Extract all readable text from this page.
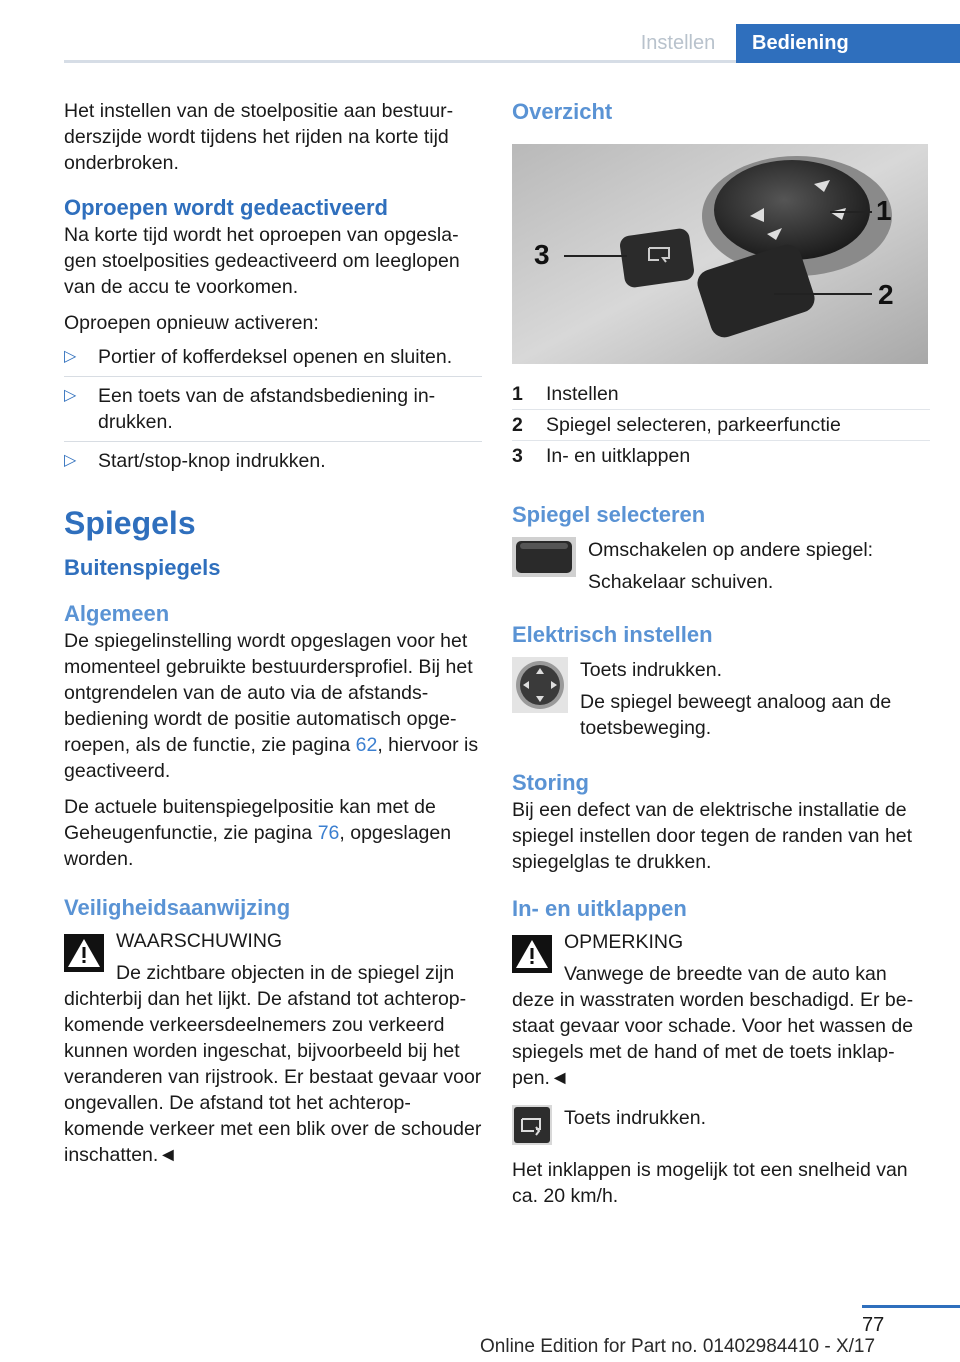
Instellen	Bediening

Het instellen van de stoelpositie aan bestuurderszijde wordt tijdens het rijden na korte tijd onderbroken.

Oproepen wordt gedeactiveerd

Na korte tijd wordt het oproepen van opgeslagen stoelposities gedeactiveerd om leeglopen van de accu te voorkomen.

Oproepen opnieuw activeren:

▷ Portier of kofferdeksel openen en sluiten.
▷ Een toets van de afstandsbediening indrukken.
▷ Start/stop-knop indrukken.
Spiegels
Buitenspiegels
Algemeen

De spiegelinstelling wordt opgeslagen voor het momenteel gebruikte bestuurdersprofiel. Bij het ontgrendelen van de auto via de afstandsbediening wordt de positie automatisch opgeroepen, als de functie, zie pagina 62, hiervoor is geactiveerd.

De actuele buitenspiegelpositie kan met de Geheugenfunctie, zie pagina 76, opgeslagen worden.

Veiligheidsaanwijzing

WAARSCHUWING

De zichtbare objecten in de spiegel zijn dichterbij dan het lijkt. De afstand tot achteropkomende verkeersdeelnemers zou verkeerd kunnen worden ingeschat, bijvoorbeeld bij het veranderen van rijstrook. Er bestaat gevaar voor ongevallen. De afstand tot het achteropkomende verkeer met een blik over de schouder inschatten.◄

Overzicht
1
2
3
1	Instellen
2	Spiegel selecteren, parkeerfunctie
3	In- en uitklappen
Spiegel selecteren

Omschakelen op andere spiegel:

Schakelaar schuiven.

Elektrisch instellen

Toets indrukken.

De spiegel beweegt analoog aan de toetsbeweging.

Storing

Bij een defect van de elektrische installatie de spiegel instellen door tegen de randen van het spiegelglas te drukken.

In- en uitklappen

OPMERKING

Vanwege de breedte van de auto kan deze in wasstraten worden beschadigd. Er bestaat gevaar voor schade. Voor het wassen de spiegels met de hand of met de toets inklappen.◄

Toets indrukken.

Het inklappen is mogelijk tot een snelheid van ca. 20 km/h.

77
Online Edition for Part no. 01402984410 - X/17
